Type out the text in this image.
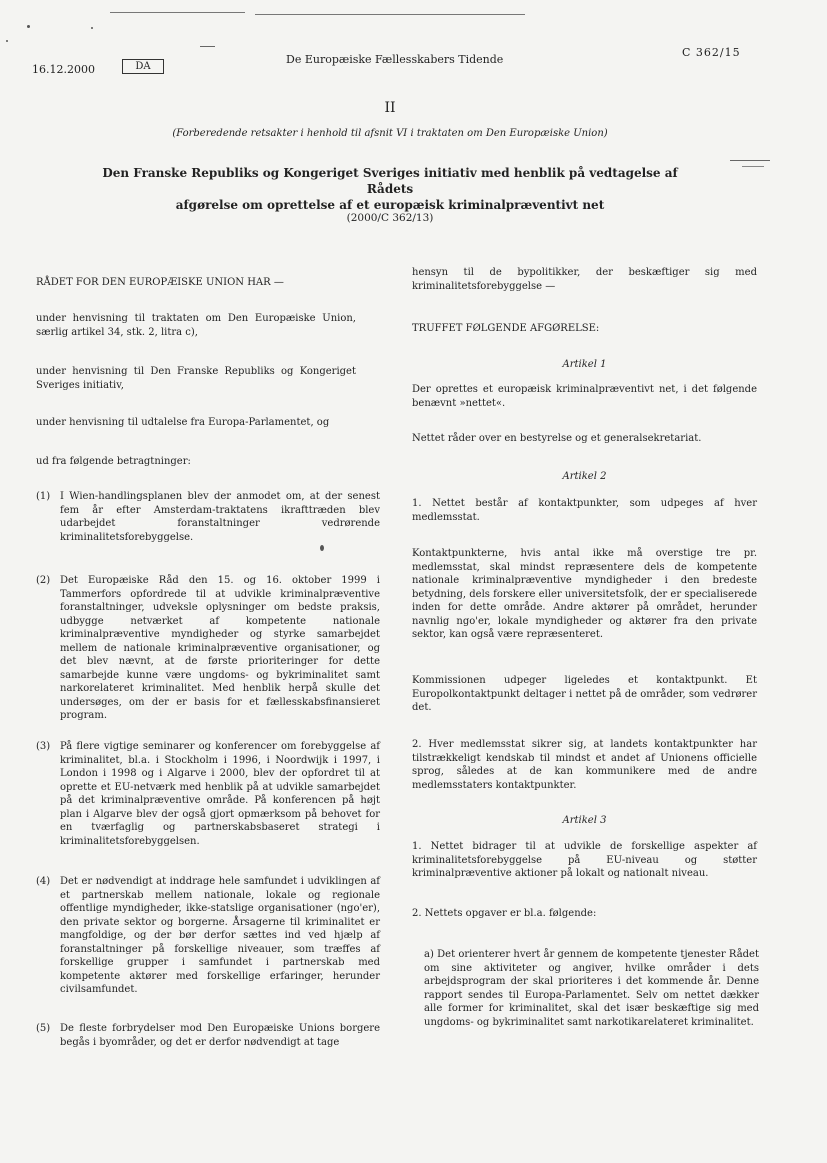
16.12.2000	DA
De Europæiske Fællesskabers Tidende
C 362/15
II
(Forberedende retsakter i henhold til afsnit VI i traktaten om Den Europæiske Union)
Den Franske Republiks og Kongeriget Sveriges initiativ med henblik på vedtagelse af Rådets
afgørelse om oprettelse af et europæisk kriminalpræventivt net
(2000/C 362/13)

RÅDET FOR DEN EUROPÆISKE UNION HAR —

under henvisning til traktaten om Den Europæiske Union, særlig artikel 34, stk. 2, litra c),

under henvisning til Den Franske Republiks og Kongeriget Sveriges initiativ,

under henvisning til udtalelse fra Europa-Parlamentet, og

ud fra følgende betragtninger:

(1) I Wien-handlingsplanen blev der anmodet om, at der senest fem år efter Amsterdam-traktatens ikrafttræden blev udarbejdet foranstaltninger vedrørende kriminalitetsforebyggelse.

(2) Det Europæiske Råd den 15. og 16. oktober 1999 i Tammerfors opfordrede til at udvikle kriminalpræventive foranstaltninger, udveksle oplysninger om bedste praksis, udbygge netværket af kompetente nationale kriminalpræventive myndigheder og styrke samarbejdet mellem de nationale kriminalpræventive organisationer, og det blev nævnt, at de første prioriteringer for dette samarbejde kunne være ungdoms- og bykriminalitet samt narkorelateret kriminalitet. Med henblik herpå skulle det undersøges, om der er basis for et fællesskabsfinansieret program.

(3) På flere vigtige seminarer og konferencer om forebyggelse af kriminalitet, bl.a. i Stockholm i 1996, i Noordwijk i 1997, i London i 1998 og i Algarve i 2000, blev der opfordret til at oprette et EU-netværk med henblik på at udvikle samarbejdet på det kriminalpræventive område. På konferencen på højt plan i Algarve blev der også gjort opmærksom på behovet for en tværfaglig og partnerskabsbaseret strategi i kriminalitetsforebyggelsen.

(4) Det er nødvendigt at inddrage hele samfundet i udviklingen af et partnerskab mellem nationale, lokale og regionale offentlige myndigheder, ikke-statslige organisationer (ngo'er), den private sektor og borgerne. Årsagerne til kriminalitet er mangfoldige, og der bør derfor sættes ind ved hjælp af foranstaltninger på forskellige niveauer, som træffes af forskellige grupper i samfundet i partnerskab med kompetente aktører med forskellige erfaringer, herunder civilsamfundet.

(5) De fleste forbrydelser mod Den Europæiske Unions borgere begås i byområder, og det er derfor nødvendigt at tage

hensyn til de bypolitikker, der beskæftiger sig med kriminalitetsforebyggelse —

TRUFFET FØLGENDE AFGØRELSE:

Artikel 1

Der oprettes et europæisk kriminalpræventivt net, i det følgende benævnt »nettet«.

Nettet råder over en bestyrelse og et generalsekretariat.

Artikel 2

1. Nettet består af kontaktpunkter, som udpeges af hver medlemsstat.

Kontaktpunkterne, hvis antal ikke må overstige tre pr. medlemsstat, skal mindst repræsentere dels de kompetente nationale kriminalpræventive myndigheder i den bredeste betydning, dels forskere eller universitetsfolk, der er specialiserede inden for dette område. Andre aktører på området, herunder navnlig ngo'er, lokale myndigheder og aktører fra den private sektor, kan også være repræsenteret.

Kommissionen udpeger ligeledes et kontaktpunkt. Et Europolkontaktpunkt deltager i nettet på de områder, som vedrører det.

2. Hver medlemsstat sikrer sig, at landets kontaktpunkter har tilstrækkeligt kendskab til mindst et andet af Unionens officielle sprog, således at de kan kommunikere med de andre medlemsstaters kontaktpunkter.

Artikel 3

1. Nettet bidrager til at udvikle de forskellige aspekter af kriminalitetsforebyggelse på EU-niveau og støtter kriminalpræventive aktioner på lokalt og nationalt niveau.

2. Nettets opgaver er bl.a. følgende:

a) Det orienterer hvert år gennem de kompetente tjenester Rådet om sine aktiviteter og angiver, hvilke områder i dets arbejdsprogram der skal prioriteres i det kommende år. Denne rapport sendes til Europa-Parlamentet. Selv om nettet dækker alle former for kriminalitet, skal det især beskæftige sig med ungdoms- og bykriminalitet samt narkotikarelateret kriminalitet.
